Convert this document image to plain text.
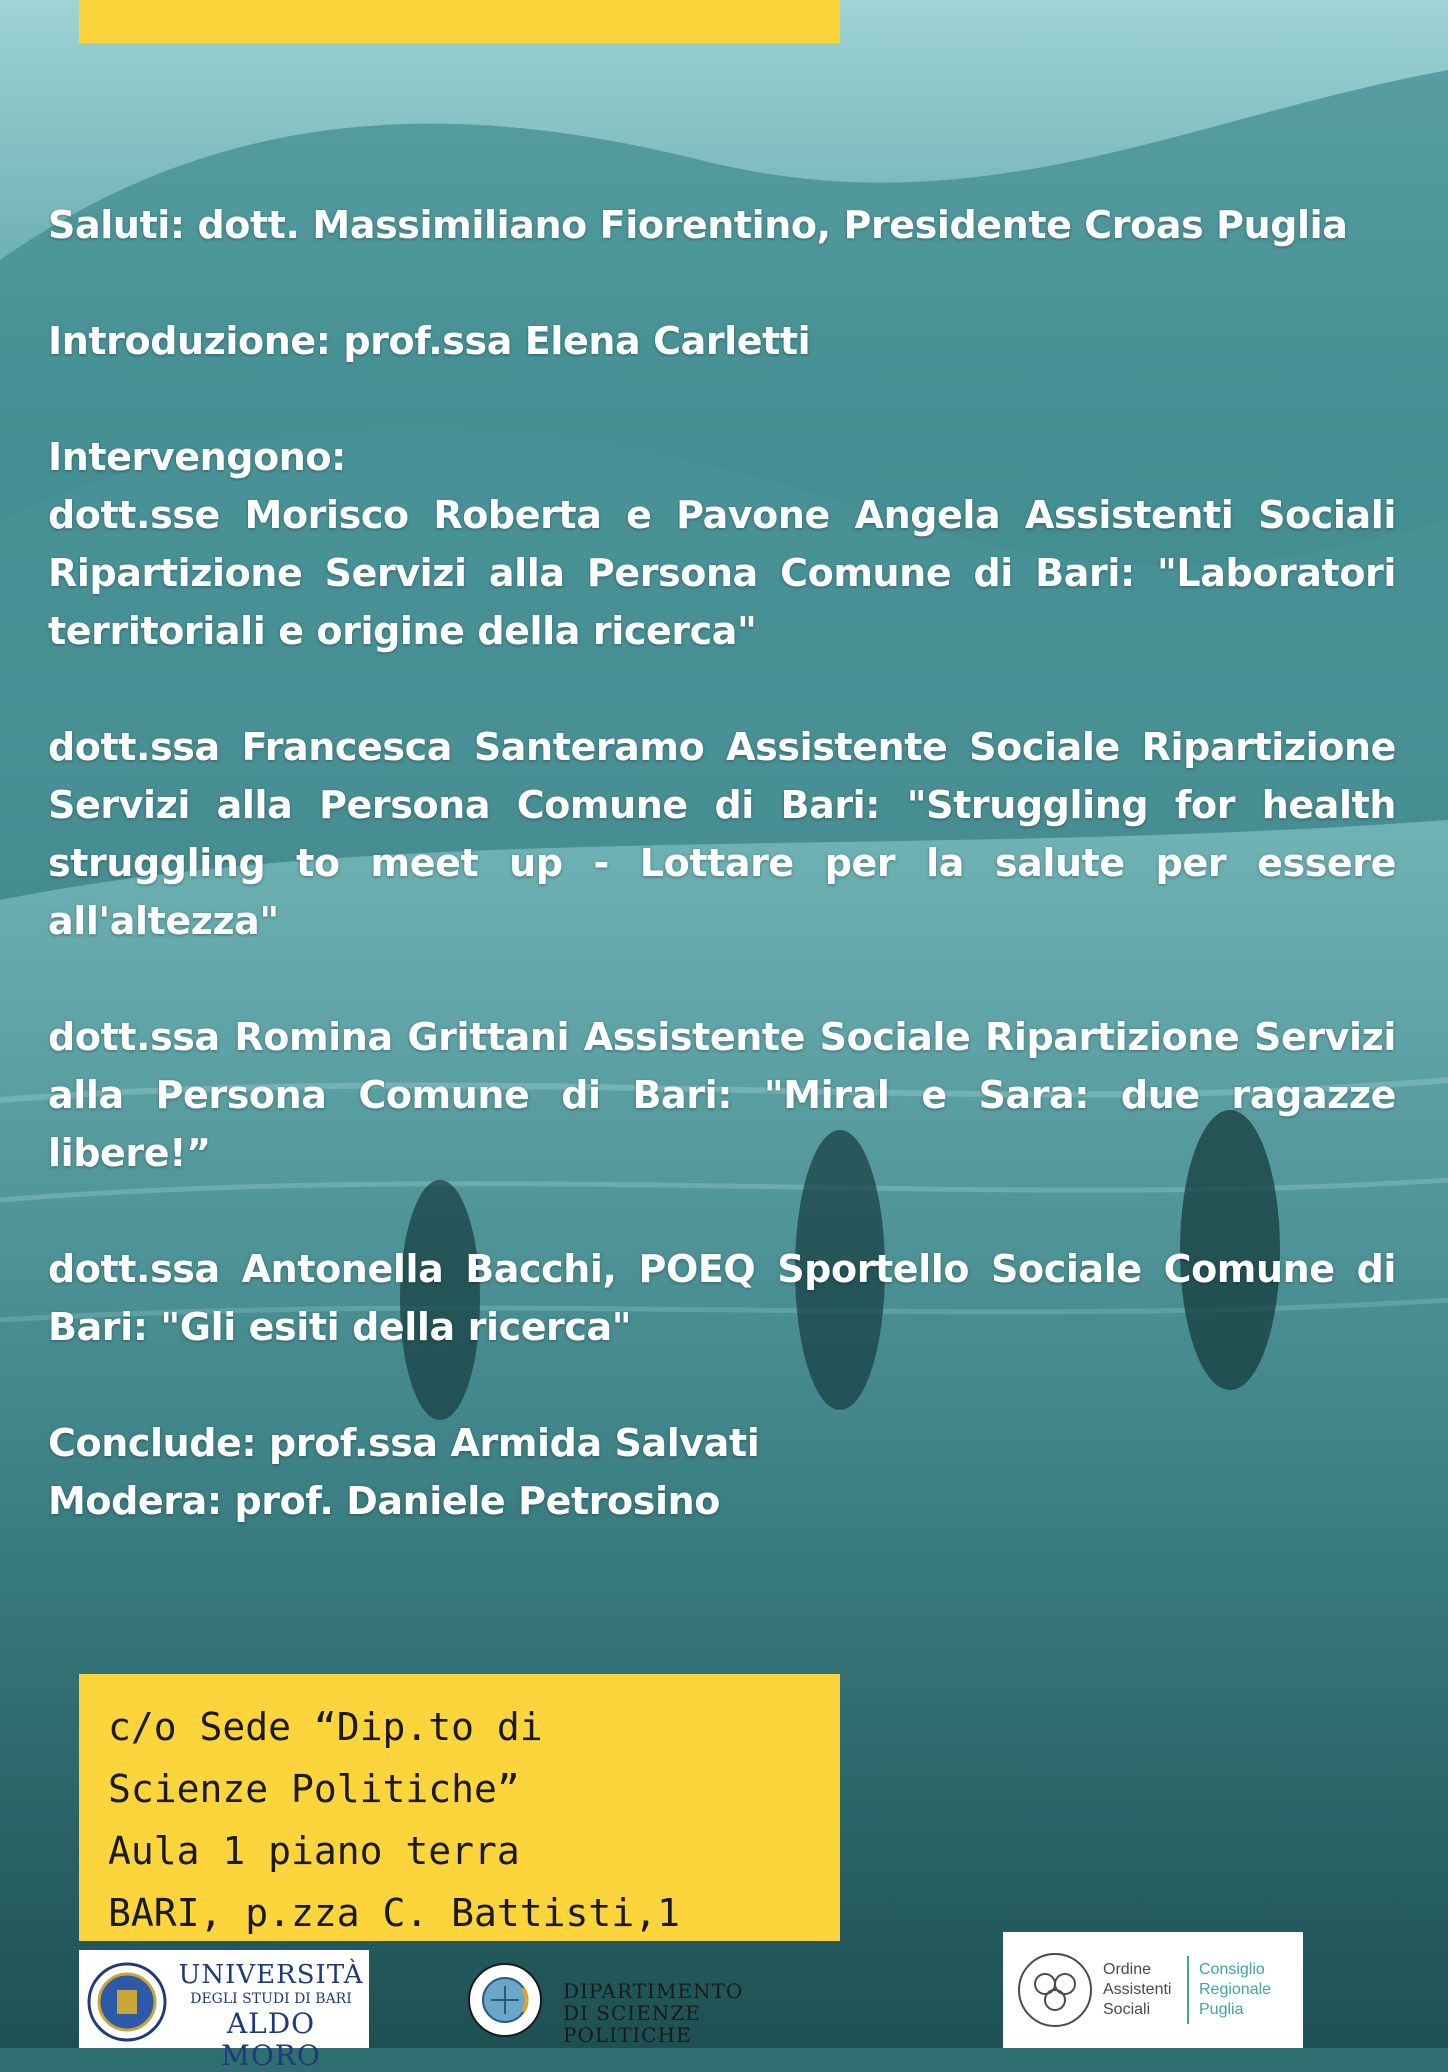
Saluti: dott. Massimiliano Fiorentino, Presidente Croas Puglia

Introduzione: prof.ssa Elena Carletti

Intervengono:

dott.sse Morisco Roberta e Pavone Angela Assistenti Sociali Ripartizione Servizi alla Persona Comune di Bari: "Laboratori territoriali e origine della ricerca"

dott.ssa Francesca Santeramo Assistente Sociale Ripartizione Servizi alla Persona Comune di Bari: "Struggling for health struggling to meet up - Lottare per la salute per essere all'altezza"

dott.ssa Romina Grittani Assistente Sociale Ripartizione Servizi alla Persona Comune di Bari: "Miral e Sara: due ragazze libere!”

dott.ssa Antonella Bacchi, POEQ Sportello Sociale Comune di Bari: "Gli esiti della ricerca"

Conclude: prof.ssa Armida Salvati

Modera: prof. Daniele Petrosino

c/o Sede “Dip.to di
Scienze Politiche”
Aula 1 piano terra
BARI, p.zza C. Battisti,1
UNIVERSITÀ
DEGLI STUDI DI BARI
ALDO MORO
DIPARTIMENTO
DI SCIENZE POLITICHE
Ordine
Assistenti
Sociali
Consiglio
Regionale
Puglia
